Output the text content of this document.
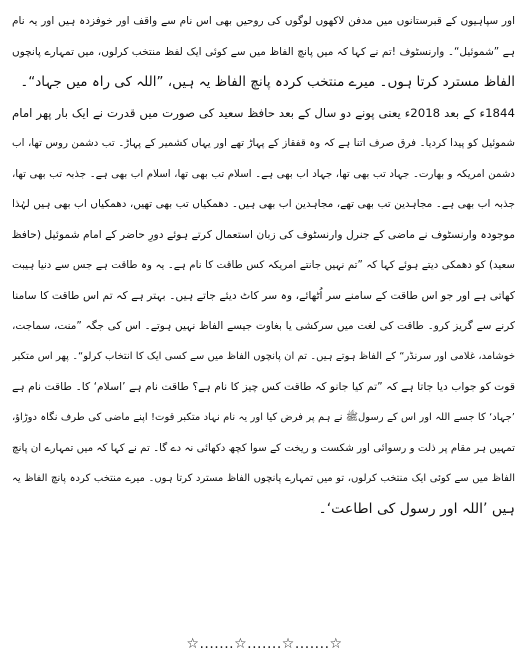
اور سپاہیوں کے قبرستانوں میں مدفن لاکھوں لوگوں کی روحیں بھی اس نام سے واقف اور خوفزدہ ہیں اور یہ نام
ہے ”شموئیل“۔ وارنسٹوف !تم نے کہا کہ میں پانچ الفاظ میں سے کوئی ایک لفظ منتخب کرلوں، میں تمہارے پانچوں
الفاظ مسترد کرتا ہوں۔ میرے منتخب کردہ پانچ الفاظ یہ ہیں، ”اللہ کی راہ میں جہاد“۔
1844ء کے بعد 2018ء یعنی پونے دو سال کے بعد حافظ سعید کی صورت میں قدرت نے ایک بار پھر امام
شموئیل کو پیدا کردیا۔ فرق صرف اتنا ہے کہ وہ قفقاز کے پہاڑ تھے اور یہاں کشمیر کے پہاڑ۔ تب دشمن روس تھا، اب
دشمن امریکہ و بھارت۔ جہاد تب بھی تھا، جہاد اب بھی ہے۔ اسلام تب بھی تھا، اسلام اب بھی ہے۔ جذبہ تب بھی تھا،
جذبہ اب بھی ہے۔ مجاہدین تب بھی تھے، مجاہدین اب بھی ہیں۔ دھمکیاں تب بھی تھیں، دھمکیاں اب بھی ہیں لہٰذا
موجودہ وارنسٹوف نے ماضی کے جنرل وارنسٹوف کی زبان استعمال کرتے ہوئے دورِ حاضر کے امام شموئیل (حافظ
سعید) کو دھمکی دیتے ہوئے کہا کہ ”تم نہیں جانتے امریکہ کس طاقت کا نام ہے۔ یہ وہ طاقت ہے جس سے دنیا ہیبت
کھاتی ہے اور جو اس طاقت کے سامنے سر اُٹھائے، وہ سر کاٹ دیئے جاتے ہیں۔ بہتر ہے کہ تم اس طاقت کا سامنا
کرنے سے گریز کرو۔ طاقت کی لغت میں سرکشی یا بغاوت جیسے الفاظ نہیں ہوتے۔ اس کی جگہ ”منت، سماجت،
خوشامد، غلامی اور سرنڈر“ کے الفاظ ہوتے ہیں۔ تم ان پانچوں الفاظ میں سے کسی ایک کا انتخاب کرلو“۔ پھر اس متکبر
قوت کو جواب دیا جاتا ہے کہ ”تم کیا جانو کہ طاقت کس چیز کا نام ہے؟ طاقت نام ہے ’اسلام‘ کا۔ طاقت نام ہے
’جہاد‘ کا جسے اللہ اور اس کے رسولﷺ نے ہم پر فرض کیا اور یہ نام نہاد متکبر قوت! اپنے ماضی کی طرف نگاہ دوڑاؤ،
تمہیں ہر مقام پر ذلت و رسوائی اور شکست و ریخت کے سوا کچھ دکھائی نہ دے گا۔ تم نے کہا کہ میں تمہارے ان پانچ
الفاظ میں سے کوئی ایک منتخب کرلوں، تو میں تمہارے پانچوں الفاظ مسترد کرتا ہوں۔ میرے منتخب کردہ پانچ الفاظ یہ
ہیں ’اللہ اور رسول کی اطاعت‘۔
☆.......☆.......☆.......☆
